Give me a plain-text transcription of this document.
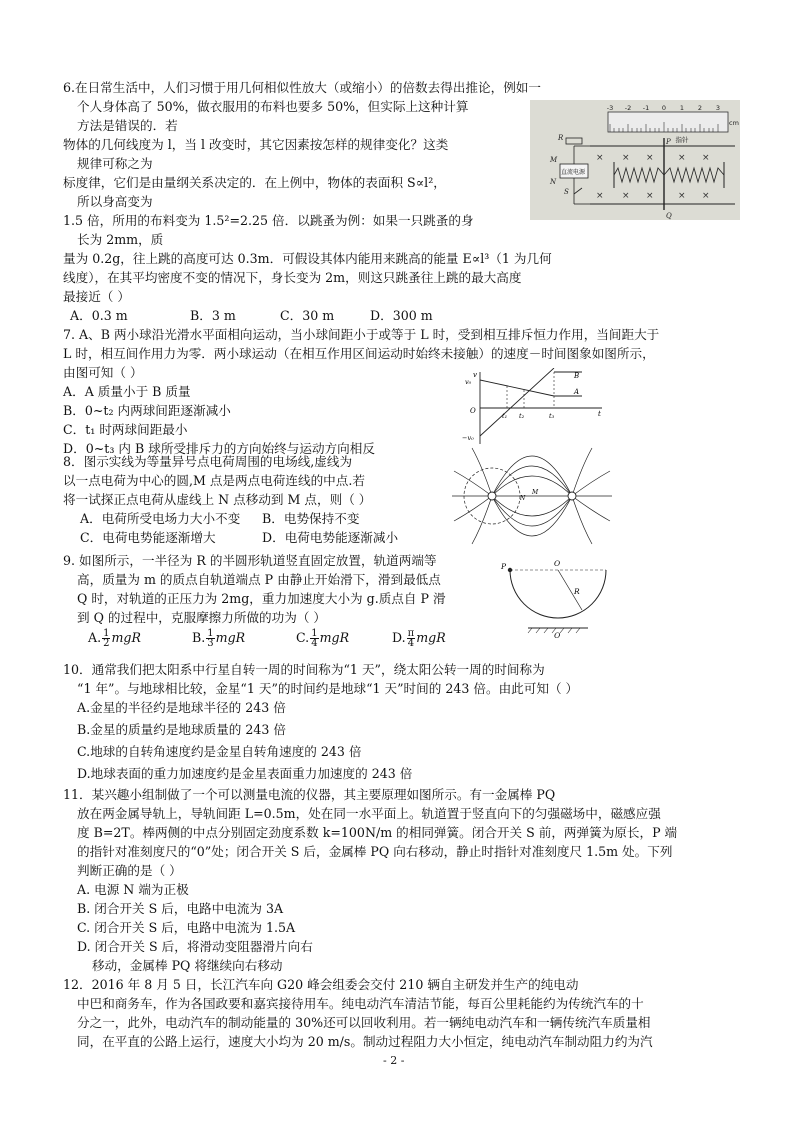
6.在日常生活中，人们习惯于用几何相似性放大（或缩小）的倍数去得出推论，例如一
个人身体高了 50%，做衣服用的布料也要多 50%，但实际上这种计算
方法是错误的．若
物体的几何线度为 l，当 l 改变时，其它因素按怎样的规律变化？这类
规律可称之为
标度律，它们是由量纲关系决定的．在上例中，物体的表面积 S∝l²，
所以身高变为
1.5 倍，所用的布料变为 1.5²=2.25 倍．以跳蚤为例：如果一只跳蚤的身
长为 2mm，质
量为 0.2g，往上跳的高度可达 0.3m．可假设其体内能用来跳高的能量 E∝l³（1 为几何
线度），在其平均密度不变的情况下，身长变为 2m，则这只跳蚤往上跳的最大高度
最接近（ ）
A．0.3 m	B．3 m	C．30 m	D．300 m
-3 -2 -1 0 1 2 3
cm
指针
P
Q
× × ×	× ×
× × ×	× ×
直流电源
R
M
N
S
7. A、B 两小球沿光滑水平面相向运动，当小球间距小于或等于 L 时，受到相互排斥恒力作用，当间距大于
L 时，相互间作用力为零．两小球运动（在相互作用区间运动时始终未接触）的速度－时间图象如图所示，
由图可知（ ）
A．A 质量小于 B 质量
B．0~t₂ 内两球间距逐渐减小
C．t₁ 时两球间距最小
D．0~t₃ 内 B 球所受排斥力的方向始终与运动方向相反
v
v₀
O	t
−v₀
t₁ t₂	t₃
A
B
8．图示实线为等量异号点电荷周围的电场线,虚线为
以一点电荷为中心的圆,M 点是两点电荷连线的中点.若
将一试探正点电荷从虚线上 N 点移动到 M 点，则（ ）
A．电荷所受电场力大小不变 B．电势保持不变
C．电荷电势能逐渐增大	D．电荷电势能逐渐减小
M
N
9. 如图所示，一半径为 R 的半圆形轨道竖直固定放置，轨道两端等
高，质量为 m 的质点自轨道端点 P 由静止开始滑下，滑到最低点
Q 时，对轨道的正压力为 2mg，重力加速度大小为 g.质点自 P 滑
到 Q 的过程中，克服摩擦力所做的功为（ ）
A. $\frac{1}{2}$ mgR	B. $\frac{1}{3}$ mgR	C. $\frac{1}{4}$ mgR	D. $\frac{\pi}{4}$ mgR
P	O
R
Q
10．通常我们把太阳系中行星自转一周的时间称为“1 天”，绕太阳公转一周的时间称为
“1 年”。与地球相比较，金星“1 天”的时间约是地球“1 天”时间的 243 倍。由此可知（ ）
A.金星的半径约是地球半径的 243 倍
B.金星的质量约是地球质量的 243 倍
C.地球的自转角速度约是金星自转角速度的 243 倍
D.地球表面的重力加速度约是金星表面重力加速度的 243 倍
11．某兴趣小组制做了一个可以测量电流的仪器，其主要原理如图所示。有一金属棒 PQ
放在两金属导轨上，导轨间距 L=0.5m，处在同一水平面上。轨道置于竖直向下的匀强磁场中，磁感应强
度 B=2T。棒两侧的中点分别固定劲度系数 k=100N/m 的相同弹簧。闭合开关 S 前，两弹簧为原长，P 端
的指针对准刻度尺的“0”处；闭合开关 S 后，金属棒 PQ 向右移动，静止时指针对准刻度尺 1.5m 处。下列
判断正确的是（ ）
A. 电源 N 端为正极
B. 闭合开关 S 后，电路中电流为 3A
C. 闭合开关 S 后，电路中电流为 1.5A
D. 闭合开关 S 后，将滑动变阻器滑片向右
移动，金属棒 PQ 将继续向右移动
12．2016 年 8 月 5 日，长江汽车向 G20 峰会组委会交付 210 辆自主研发并生产的纯电动
中巴和商务车，作为各国政要和嘉宾接待用车。纯电动汽车清洁节能，每百公里耗能约为传统汽车的十
分之一，此外，电动汽车的制动能量的 30%还可以回收利用。若一辆纯电动汽车和一辆传统汽车质量相
同，在平直的公路上运行，速度大小均为 20 m/s。制动过程阻力大小恒定，纯电动汽车制动阻力约为汽
- 2 -
